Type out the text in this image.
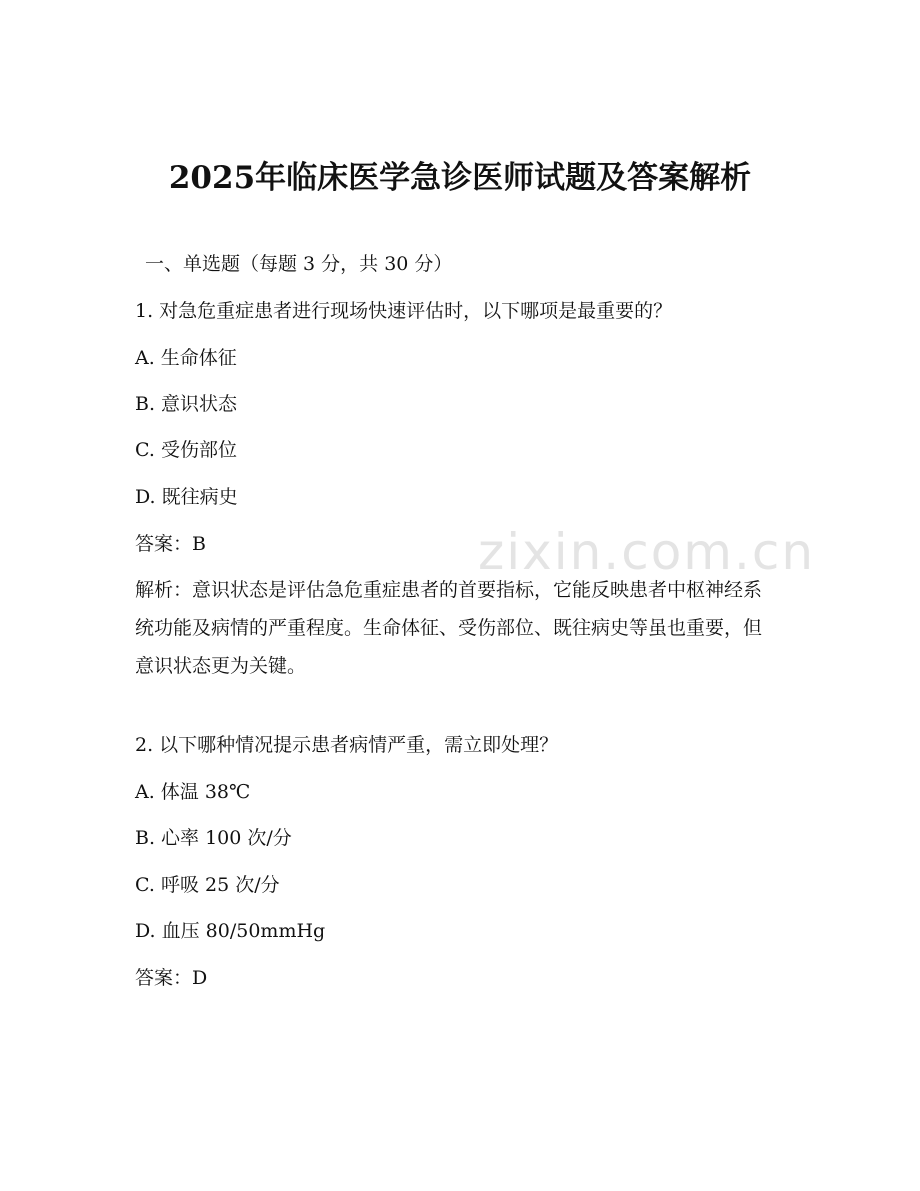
zixin.com.cn
2025年临床医学急诊医师试题及答案解析
一、单选题（每题 3 分，共 30 分）
1. 对急危重症患者进行现场快速评估时，以下哪项是最重要的？
A. 生命体征
B. 意识状态
C. 受伤部位
D. 既往病史
答案：B
解析：意识状态是评估急危重症患者的首要指标，它能反映患者中枢神经系统功能及病情的严重程度。生命体征、受伤部位、既往病史等虽也重要，但意识状态更为关键。
2. 以下哪种情况提示患者病情严重，需立即处理？
A. 体温 38℃
B. 心率 100 次/分
C. 呼吸 25 次/分
D. 血压 80/50mmHg
答案：D
